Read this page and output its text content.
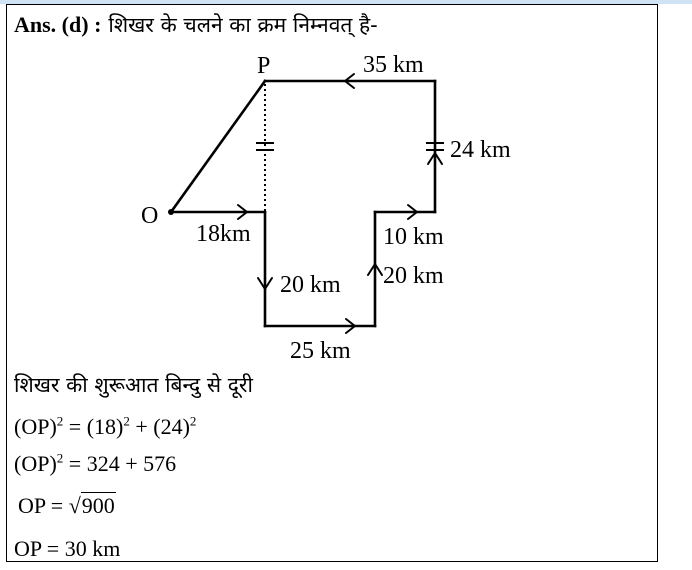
Ans. (d) : शिखर के चलने का क्रम निम्नवत् है-
O
P
18km
20 km
25 km
20 km
10 km
24 km
35 km
शिखर की शुरूआत बिन्दु से दूरी
$(OP)^2 = (18)^2 + (24)^2$
(OP)$^2$ = 324 + 576
OP = √900
OP = 30 km
